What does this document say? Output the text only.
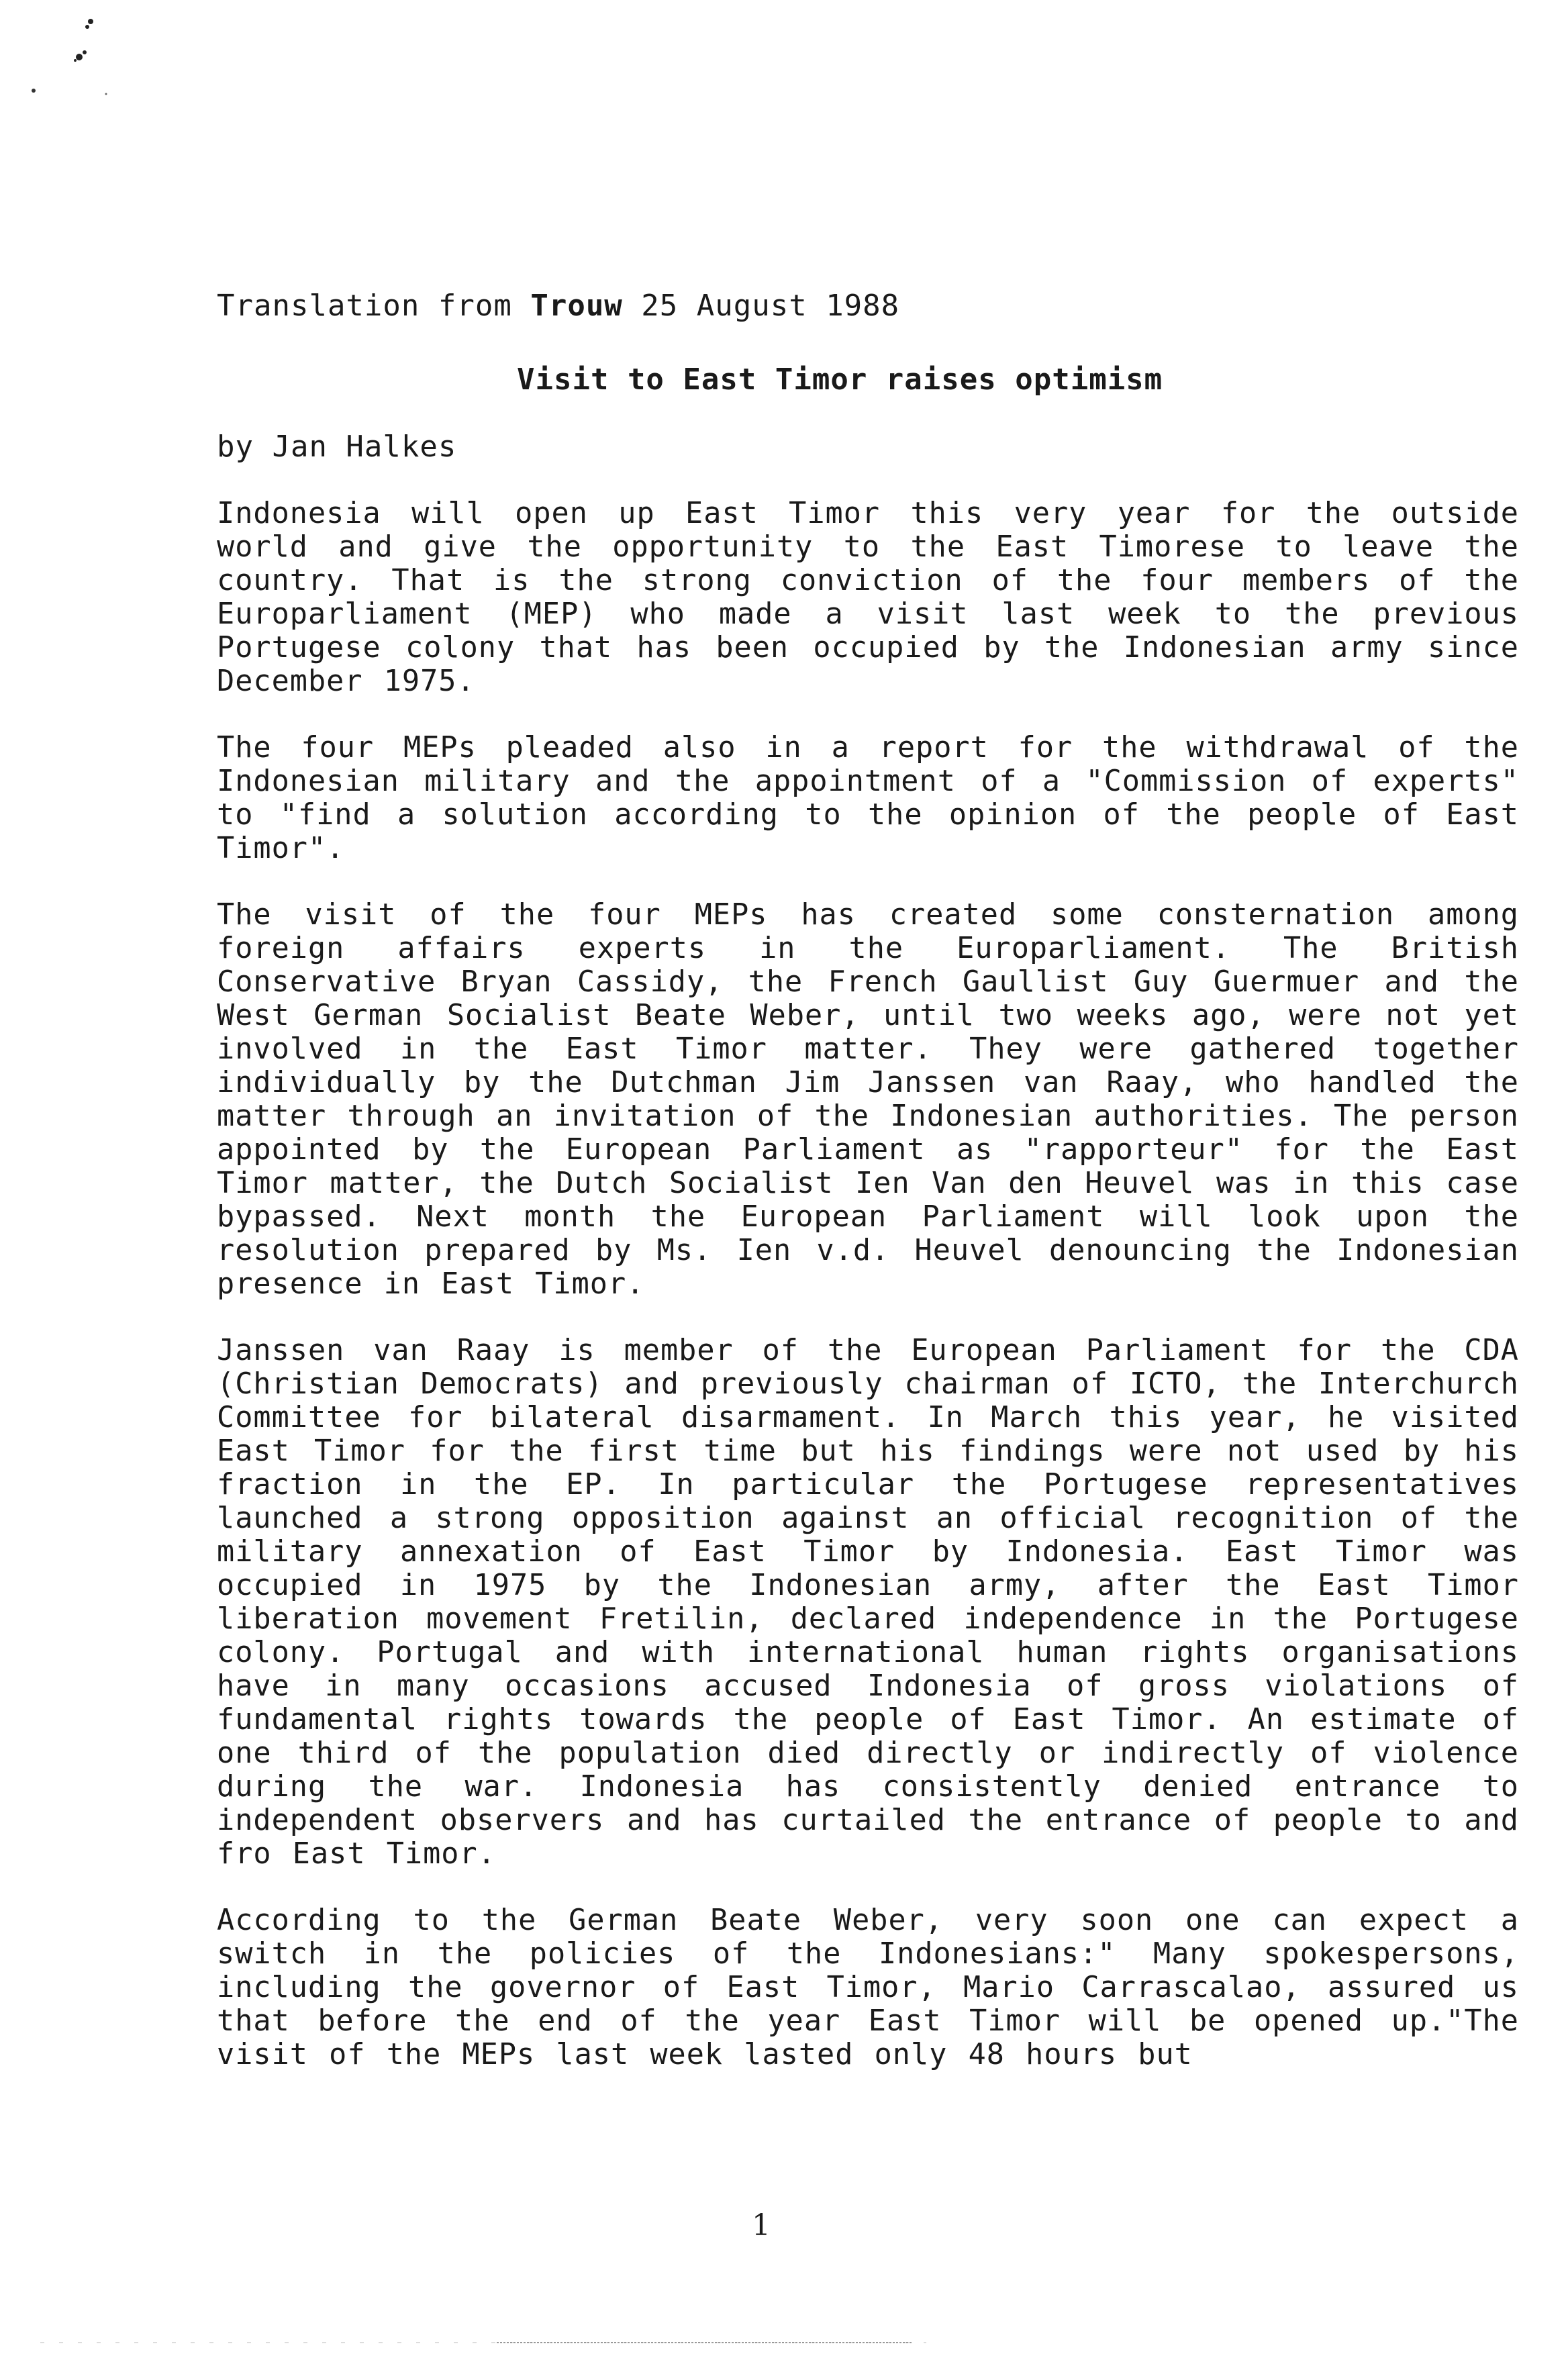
Translation from Trouw 25 August 1988
Visit to East Timor raises optimism
by Jan Halkes

Indonesia will open up East Timor this very year for the outside world and give the opportunity to the East Timorese to leave the country. That is the strong conviction of the four members of the Europarliament (MEP) who made a visit last week to the previous Portugese colony that has been occupied by the Indonesian army since December 1975.

The four MEPs pleaded also in a report for the withdrawal of the Indonesian military and the appointment of a "Commission of experts" to "find a solution according to the opinion of the people of East Timor".

The visit of the four MEPs has created some consternation among foreign affairs experts in the Europarliament. The British Conservative Bryan Cassidy, the French Gaullist Guy Guermuer and the West German Socialist Beate Weber, until two weeks ago, were not yet involved in the East Timor matter. They were gathered together individually by the Dutchman Jim Janssen van Raay, who handled the matter through an invitation of the Indonesian authorities. The person appointed by the European Parliament as "rapporteur" for the East Timor matter, the Dutch Socialist Ien Van den Heuvel was in this case bypassed. Next month the European Parliament will look upon the resolution prepared by Ms. Ien v.d. Heuvel denouncing the Indonesian presence in East Timor.

Janssen van Raay is member of the European Parliament for the CDA (Christian Democrats) and previously chairman of ICTO, the Interchurch Committee for bilateral disarmament. In March this year, he visited East Timor for the first time but his findings were not used by his fraction in the EP. In particular the Portugese representatives launched a strong opposition against an official recognition of the military annexation of East Timor by Indonesia. East Timor was occupied in 1975 by the Indonesian army, after the East Timor liberation movement Fretilin, declared independence in the Portugese colony. Portugal and with international human rights organisations have in many occasions accused Indonesia of gross violations of fundamental rights towards the people of East Timor. An estimate of one third of the population died directly or indirectly of violence during the war. Indonesia has consistently denied entrance to independent observers and has curtailed the entrance of people to and fro East Timor.

According to the German Beate Weber, very soon one can expect a switch in the policies of the Indonesians:" Many spokespersons, including the governor of East Timor, Mario Carrascalao, assured us that before the end of the year East Timor will be opened up."The visit of the MEPs last week lasted only 48 hours but

1
